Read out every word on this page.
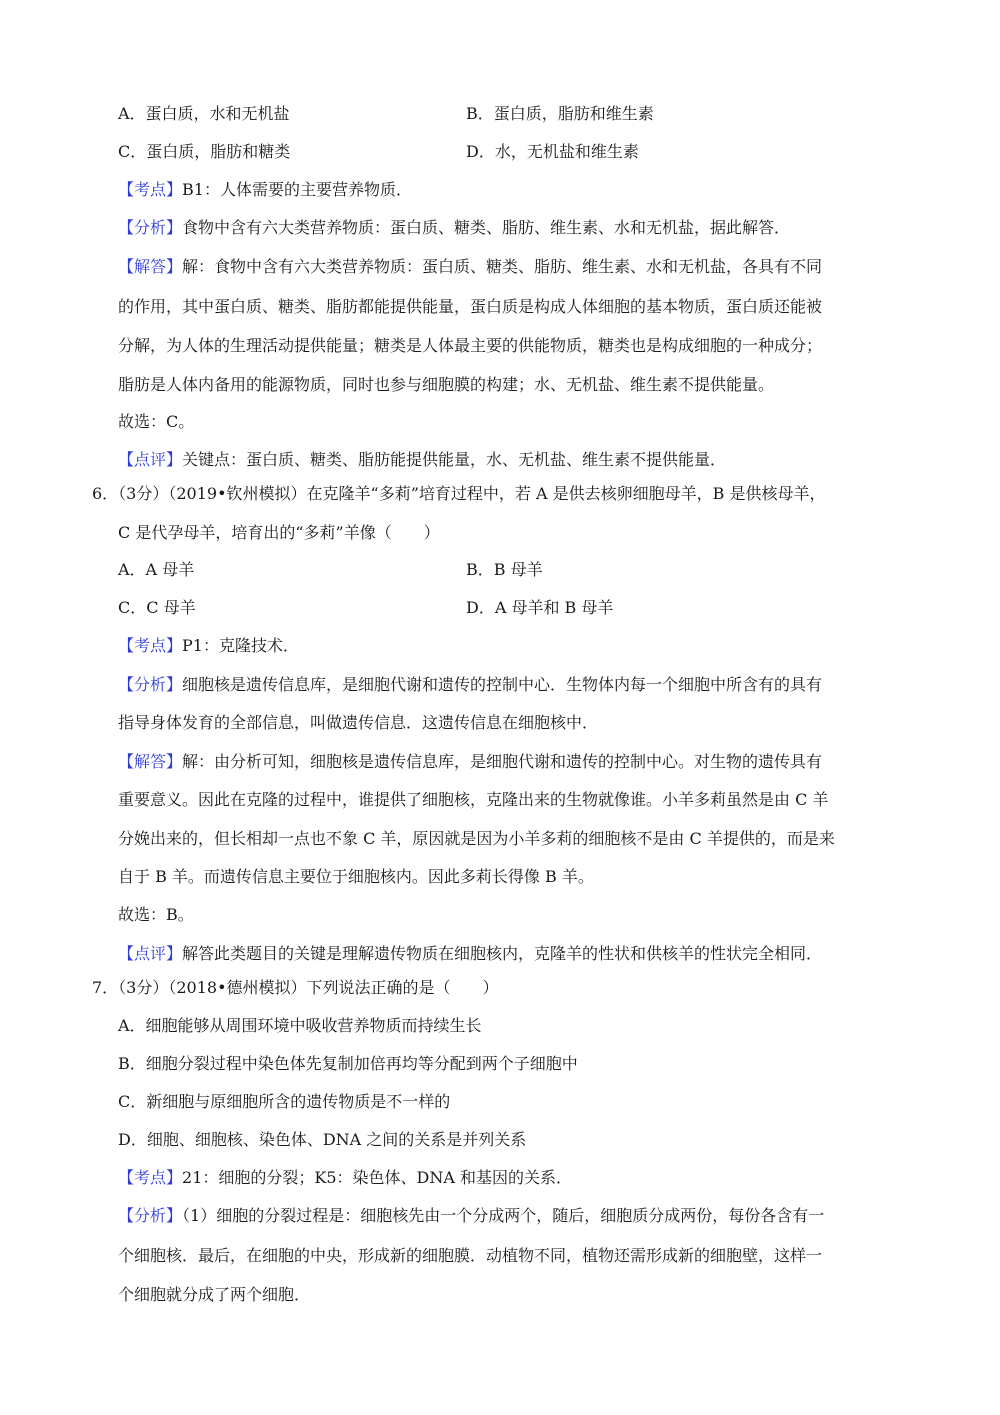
A．蛋白质，水和无机盐	B．蛋白质，脂肪和维生素
C．蛋白质，脂肪和糖类	D．水，无机盐和维生素
【考点】B1：人体需要的主要营养物质．
【分析】食物中含有六大类营养物质：蛋白质、糖类、脂肪、维生素、水和无机盐，据此解答．
【解答】解：食物中含有六大类营养物质：蛋白质、糖类、脂肪、维生素、水和无机盐，各具有不同
的作用，其中蛋白质、糖类、脂肪都能提供能量，蛋白质是构成人体细胞的基本物质，蛋白质还能被
分解，为人体的生理活动提供能量；糖类是人体最主要的供能物质，糖类也是构成细胞的一种成分；
脂肪是人体内备用的能源物质，同时也参与细胞膜的构建；水、无机盐、维生素不提供能量。
故选：C。
【点评】关键点：蛋白质、糖类、脂肪能提供能量，水、无机盐、维生素不提供能量．
6．（3分）（2019•钦州模拟）在克隆羊“多莉”培育过程中，若 A 是供去核卵细胞母羊，B 是供核母羊，
C 是代孕母羊，培育出的“多莉”羊像（　　）
A．A 母羊	B．B 母羊
C．C 母羊	D．A 母羊和 B 母羊
【考点】P1：克隆技术．
【分析】细胞核是遗传信息库，是细胞代谢和遗传的控制中心．生物体内每一个细胞中所含有的具有
指导身体发育的全部信息，叫做遗传信息．这遗传信息在细胞核中．
【解答】解：由分析可知，细胞核是遗传信息库，是细胞代谢和遗传的控制中心。对生物的遗传具有
重要意义。因此在克隆的过程中，谁提供了细胞核，克隆出来的生物就像谁。小羊多莉虽然是由 C 羊
分娩出来的，但长相却一点也不象 C 羊，原因就是因为小羊多莉的细胞核不是由 C 羊提供的，而是来
自于 B 羊。而遗传信息主要位于细胞核内。因此多莉长得像 B 羊。
故选：B。
【点评】解答此类题目的关键是理解遗传物质在细胞核内，克隆羊的性状和供核羊的性状完全相同．
7．（3分）（2018•德州模拟）下列说法正确的是（　　）
A．细胞能够从周围环境中吸收营养物质而持续生长
B．细胞分裂过程中染色体先复制加倍再均等分配到两个子细胞中
C．新细胞与原细胞所含的遗传物质是不一样的
D．细胞、细胞核、染色体、DNA 之间的关系是并列关系
【考点】21：细胞的分裂；K5：染色体、DNA 和基因的关系．
【分析】（1）细胞的分裂过程是：细胞核先由一个分成两个，随后，细胞质分成两份，每份各含有一
个细胞核．最后，在细胞的中央，形成新的细胞膜．动植物不同，植物还需形成新的细胞壁，这样一
个细胞就分成了两个细胞．
